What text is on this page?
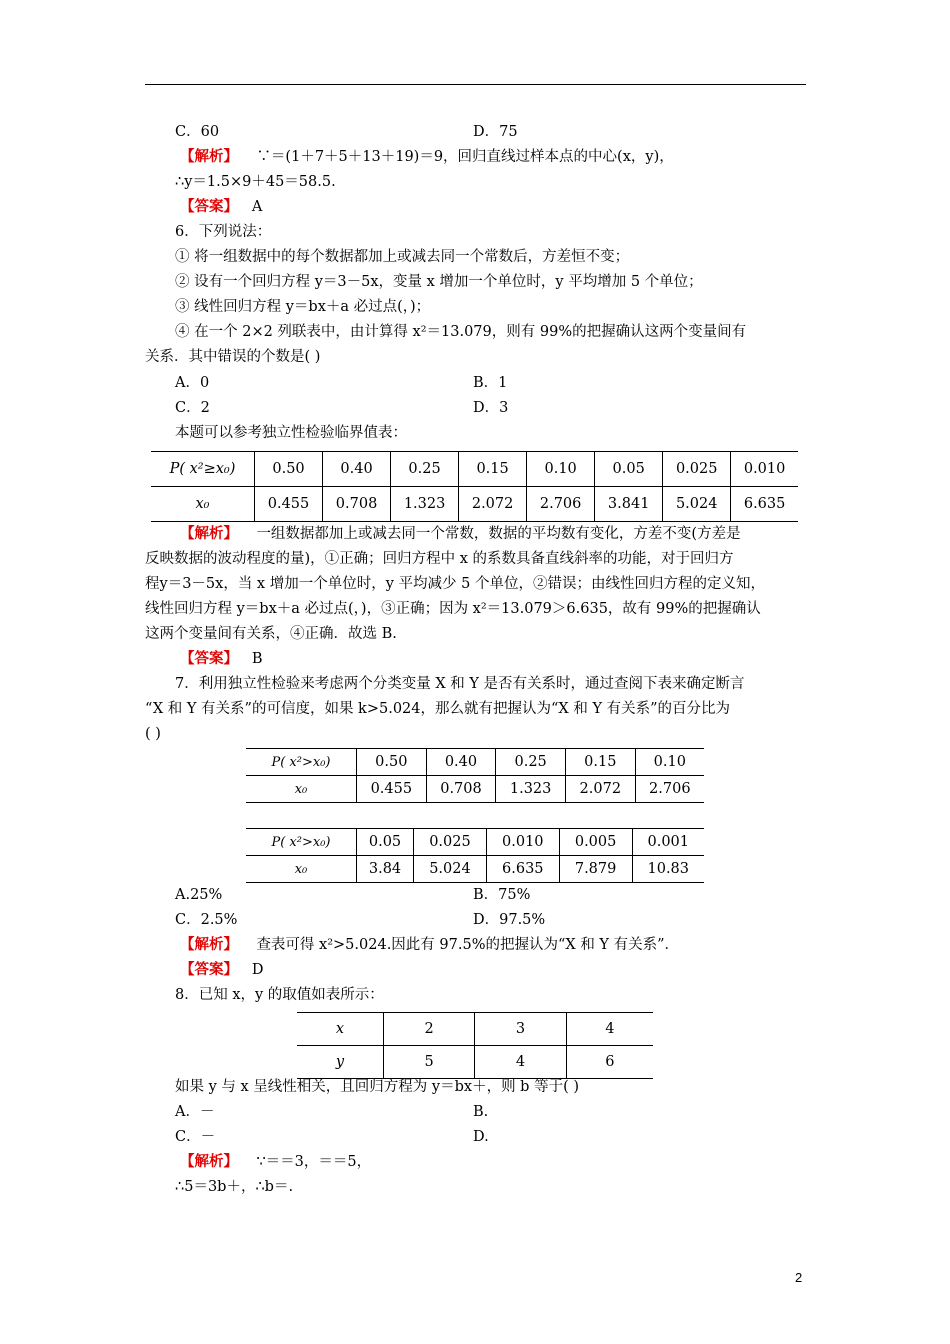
C．60	D．75
【解析】 ∵＝(1＋7＋5＋13＋19)＝9，回归直线过样本点的中心(x，y)，
∴y＝1.5×9＋45＝58.5.
【答案】 A
6．下列说法：
① 将一组数据中的每个数据都加上或减去同一个常数后，方差恒不变；
② 设有一个回归方程 y＝3－5x，变量 x 增加一个单位时，y 平均增加 5 个单位；
③ 线性回归方程 y＝bx＋a 必过点(，)；
④ 在一个 2×2 列联表中，由计算得 x²＝13.079，则有 99%的把握确认这两个变量间有
关系．其中错误的个数是( )
A．0	B．1
C．2	D．3
本题可以参考独立性检验临界值表：
P( x²≥x₀)	0.50	0.40	0.25	0.15	0.10	0.05	0.025	0.010
x₀	0.455	0.708	1.323	2.072	2.706	3.841	5.024	6.635
【解析】 一组数据都加上或减去同一个常数，数据的平均数有变化，方差不变(方差是
反映数据的波动程度的量)，①正确；回归方程中 x 的系数具备直线斜率的功能，对于回归方
程y＝3－5x，当 x 增加一个单位时，y 平均减少 5 个单位，②错误；由线性回归方程的定义知，
线性回归方程 y＝bx＋a 必过点(，)，③正确；因为 x²＝13.079＞6.635，故有 99%的把握确认
这两个变量间有关系，④正确．故选 B.
【答案】 B
7．利用独立性检验来考虑两个分类变量 X 和 Y 是否有关系时，通过查阅下表来确定断言
“X 和 Y 有关系”的可信度，如果 k>5.024，那么就有把握认为“X 和 Y 有关系”的百分比为
( )
P( x²>x₀)	0.50	0.40	0.25	0.15	0.10
x₀	0.455	0.708	1.323	2.072	2.706
P( x²>x₀)	0.05	0.025	0.010	0.005	0.001
x₀	3.84	5.024	6.635	7.879	10.83
A.25%	B．75%
C．2.5%	D．97.5%
【解析】 查表可得 x²>5.024.因此有 97.5%的把握认为“X 和 Y 有关系”．
【答案】 D
8．已知 x，y 的取值如表所示：
x	2	3	4
y	5	4	6
如果 y 与 x 呈线性相关，且回归方程为 y＝bx＋，则 b 等于( )
A．－	B.
C．－	D.
【解析】 ∵＝＝3，＝＝5，
∴5＝3b＋，∴b＝.
2
